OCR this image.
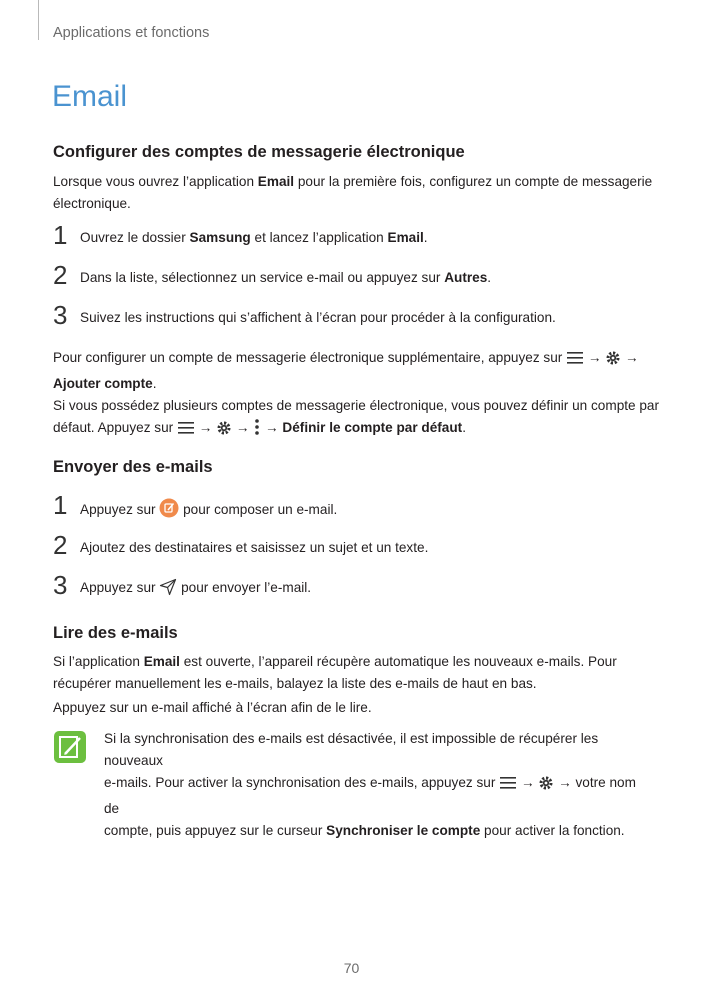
Applications et fonctions
Email
Configurer des comptes de messagerie électronique
Lorsque vous ouvrez l’application Email pour la première fois, configurez un compte de messagerie
électronique.
1 Ouvrez le dossier Samsung et lancez l’application Email.
2 Dans la liste, sélectionnez un service e-mail ou appuyez sur Autres.
3 Suivez les instructions qui s’affichent à l’écran pour procéder à la configuration.
Pour configurer un compte de messagerie électronique supplémentaire, appuyez sur → →
Ajouter compte.
Si vous possédez plusieurs comptes de messagerie électronique, vous pouvez définir un compte par
défaut. Appuyez sur → → → Définir le compte par défaut.
Envoyer des e-mails
1 Appuyez sur pour composer un e-mail.
2 Ajoutez des destinataires et saisissez un sujet et un texte.
3 Appuyez sur pour envoyer l’e-mail.
Lire des e-mails
Si l’application Email est ouverte, l’appareil récupère automatique les nouveaux e-mails. Pour
récupérer manuellement les e-mails, balayez la liste des e-mails de haut en bas.
Appuyez sur un e-mail affiché à l’écran afin de le lire.
Si la synchronisation des e-mails est désactivée, il est impossible de récupérer les nouveaux
e-mails. Pour activer la synchronisation des e-mails, appuyez sur → → votre nom de
compte, puis appuyez sur le curseur Synchroniser le compte pour activer la fonction.
70
